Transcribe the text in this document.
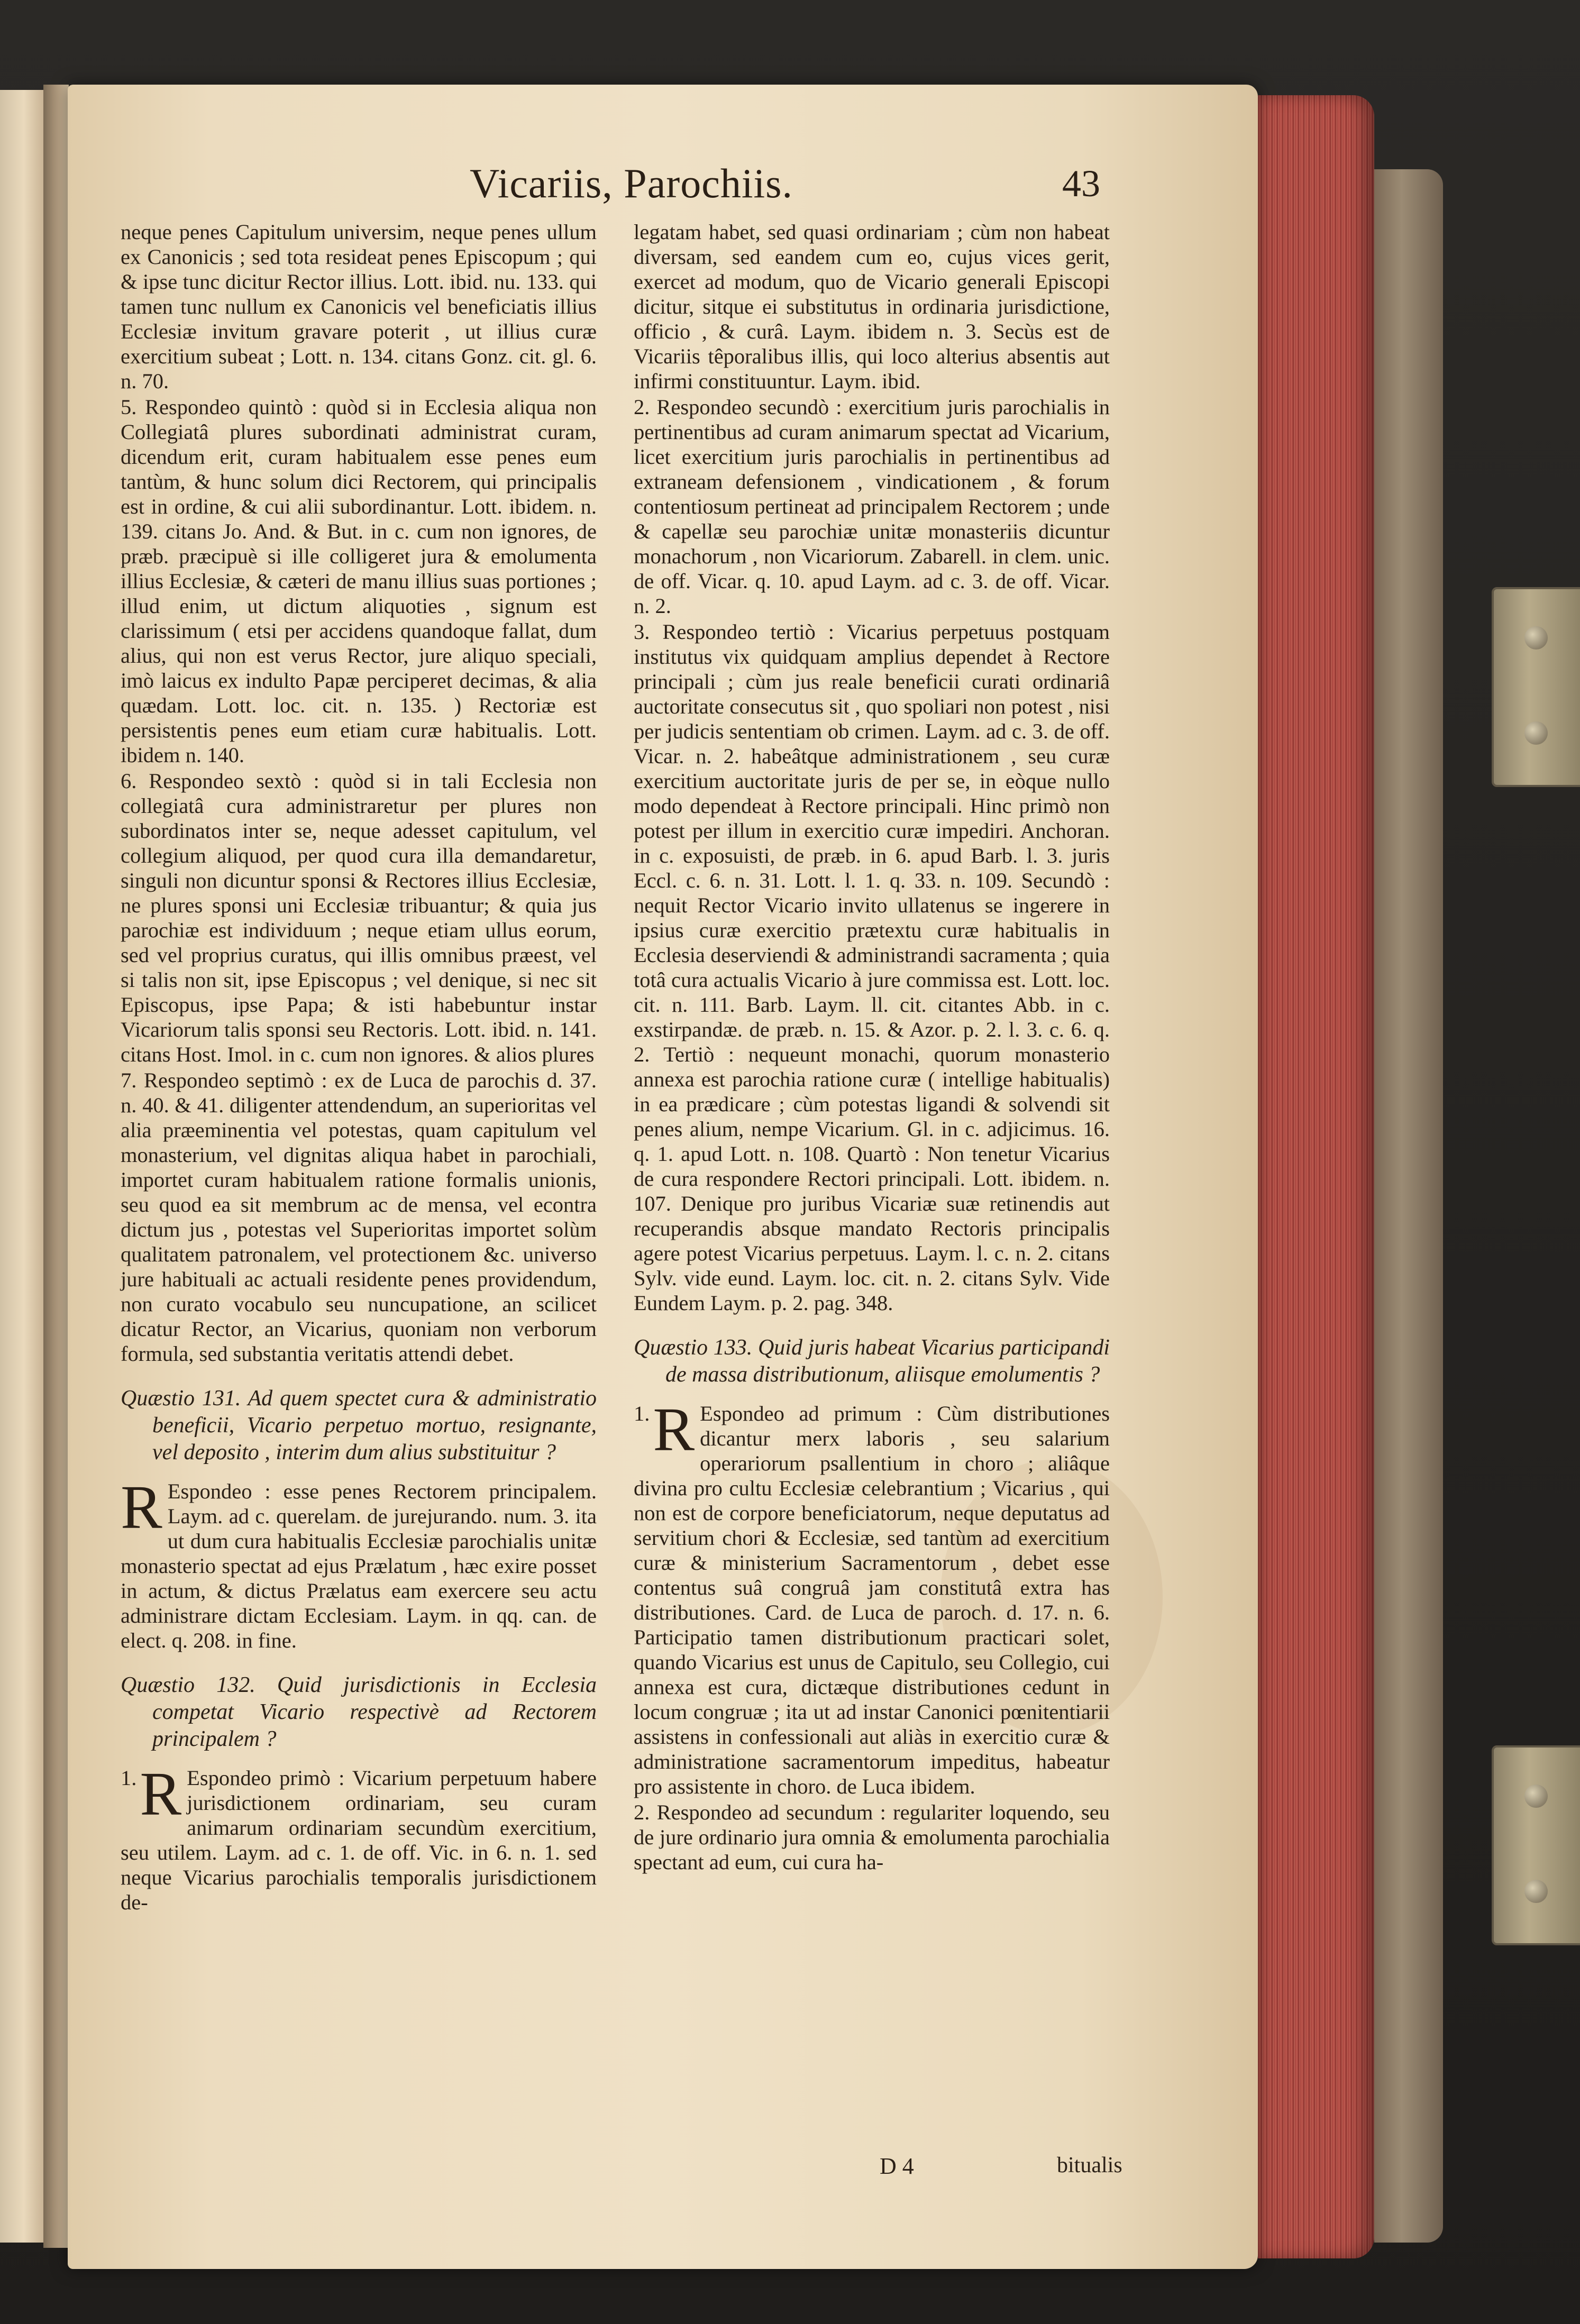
Vicariis, Parochiis.	43

neque penes Capitulum universim, neque penes ullum ex Canonicis ; sed tota resideat penes Episcopum ; qui & ipse tunc dicitur Rector illius. Lott. ibid. nu. 133. qui tamen tunc nullum ex Canonicis vel beneficiatis illius Ecclesiæ invitum gravare poterit , ut illius curæ exercitium subeat ; Lott. n. 134. citans Gonz. cit. gl. 6. n. 70.

5. Respondeo quintò : quòd si in Ecclesia aliqua non Collegiatâ plures subordinati administrat curam, dicendum erit, curam habitualem esse penes eum tantùm, & hunc solum dici Rectorem, qui principalis est in ordine, & cui alii subordinantur. Lott. ibidem. n. 139. citans Jo. And. & But. in c. cum non ignores, de præb. præcipuè si ille colligeret jura & emolumenta illius Ecclesiæ, & cæteri de manu illius suas portiones ; illud enim, ut dictum aliquoties , signum est clarissimum ( etsi per accidens quandoque fallat, dum alius, qui non est verus Rector, jure aliquo speciali, imò laicus ex indulto Papæ perciperet decimas, & alia quædam. Lott. loc. cit. n. 135. ) Rectoriæ est persistentis penes eum etiam curæ habitualis. Lott. ibidem n. 140.

6. Respondeo sextò : quòd si in tali Ecclesia non collegiatâ cura administraretur per plures non subordinatos inter se, neque adesset capitulum, vel collegium aliquod, per quod cura illa demandaretur, singuli non dicuntur sponsi & Rectores illius Ecclesiæ, ne plures sponsi uni Ecclesiæ tribuantur; & quia jus parochiæ est individuum ; neque etiam ullus eorum, sed vel proprius curatus, qui illis omnibus præest, vel si talis non sit, ipse Episcopus ; vel denique, si nec sit Episcopus, ipse Papa; & isti habebuntur instar Vicariorum talis sponsi seu Rectoris. Lott. ibid. n. 141. citans Host. Imol. in c. cum non ignores. & alios plures

7. Respondeo septimò : ex de Luca de parochis d. 37. n. 40. & 41. diligenter attendendum, an superioritas vel alia præeminentia vel potestas, quam capitulum vel monasterium, vel dignitas aliqua habet in parochiali, importet curam habitualem ratione formalis unionis, seu quod ea sit membrum ac de mensa, vel econtra dictum jus , potestas vel Superioritas importet solùm qualitatem patronalem, vel protectionem &c. universo jure habituali ac actuali residente penes providendum, non curato vocabulo seu nuncupatione, an scilicet dicatur Rector, an Vicarius, quoniam non verborum formula, sed substantia veritatis attendi debet.

Quæstio 131. Ad quem spectet cura & administratio beneficii, Vicario perpetuo mortuo, resignante, vel deposito , interim dum alius substituitur ?

R Espondeo : esse penes Rectorem principalem. Laym. ad c. querelam. de jurejurando. num. 3. ita ut dum cura habitualis Ecclesiæ parochialis unitæ monasterio spectat ad ejus Prælatum , hæc exire posset in actum, & dictus Prælatus eam exercere seu actu administrare dictam Ecclesiam. Laym. in qq. can. de elect. q. 208. in fine.

Quæstio 132. Quid jurisdictionis in Ecclesia competat Vicario respectivè ad Rectorem principalem ?

1. R Espondeo primò : Vicarium perpetuum habere jurisdictionem ordinariam, seu curam animarum ordinariam secundùm exercitium, seu utilem. Laym. ad c. 1. de off. Vic. in 6. n. 1. sed neque Vicarius parochialis temporalis jurisdictionem de-

legatam habet, sed quasi ordinariam ; cùm non habeat diversam, sed eandem cum eo, cujus vices gerit, exercet ad modum, quo de Vicario generali Episcopi dicitur, sitque ei substitutus in ordinaria jurisdictione, officio , & curâ. Laym. ibidem n. 3. Secùs est de Vicariis têporalibus illis, qui loco alterius absentis aut infirmi constituuntur. Laym. ibid.

2. Respondeo secundò : exercitium juris parochialis in pertinentibus ad curam animarum spectat ad Vicarium, licet exercitium juris parochialis in pertinentibus ad extraneam defensionem , vindicationem , & forum contentiosum pertineat ad principalem Rectorem ; unde & capellæ seu parochiæ unitæ monasteriis dicuntur monachorum , non Vicariorum. Zabarell. in clem. unic. de off. Vicar. q. 10. apud Laym. ad c. 3. de off. Vicar. n. 2.

3. Respondeo tertiò : Vicarius perpetuus postquam institutus vix quidquam amplius dependet à Rectore principali ; cùm jus reale beneficii curati ordinariâ auctoritate consecutus sit , quo spoliari non potest , nisi per judicis sententiam ob crimen. Laym. ad c. 3. de off. Vicar. n. 2. habeâtque administrationem , seu curæ exercitium auctoritate juris de per se, in eòque nullo modo dependeat à Rectore principali. Hinc primò non potest per illum in exercitio curæ impediri. Anchoran. in c. exposuisti, de præb. in 6. apud Barb. l. 3. juris Eccl. c. 6. n. 31. Lott. l. 1. q. 33. n. 109. Secundò : nequit Rector Vicario invito ullatenus se ingerere in ipsius curæ exercitio prætextu curæ habitualis in Ecclesia deserviendi & administrandi sacramenta ; quia totâ cura actualis Vicario à jure commissa est. Lott. loc. cit. n. 111. Barb. Laym. ll. cit. citantes Abb. in c. exstirpandæ. de præb. n. 15. & Azor. p. 2. l. 3. c. 6. q. 2. Tertiò : nequeunt monachi, quorum monasterio annexa est parochia ratione curæ ( intellige habitualis) in ea prædicare ; cùm potestas ligandi & solvendi sit penes alium, nempe Vicarium. Gl. in c. adjicimus. 16. q. 1. apud Lott. n. 108. Quartò : Non tenetur Vicarius de cura respondere Rectori principali. Lott. ibidem. n. 107. Denique pro juribus Vicariæ suæ retinendis aut recuperandis absque mandato Rectoris principalis agere potest Vicarius perpetuus. Laym. l. c. n. 2. citans Sylv. vide eund. Laym. loc. cit. n. 2. citans Sylv. Vide Eundem Laym. p. 2. pag. 348.

Quæstio 133. Quid juris habeat Vicarius participandi de massa distributionum, aliisque emolumentis ?

1. R Espondeo ad primum : Cùm distributiones dicantur merx laboris , seu salarium operariorum psallentium in choro ; aliâque divina pro cultu Ecclesiæ celebrantium ; Vicarius , qui non est de corpore beneficiatorum, neque deputatus ad servitium chori & Ecclesiæ, sed tantùm ad exercitium curæ & ministerium Sacramentorum , debet esse contentus suâ congruâ jam constitutâ extra has distributiones. Card. de Luca de paroch. d. 17. n. 6. Participatio tamen distributionum practicari solet, quando Vicarius est unus de Capitulo, seu Collegio, cui annexa est cura, dictæque distributiones cedunt in locum congruæ ; ita ut ad instar Canonici pœnitentiarii assistens in confessionali aut aliàs in exercitio curæ & administratione sacramentorum impeditus, habeatur pro assistente in choro. de Luca ibidem.

2. Respondeo ad secundum : regulariter loquendo, seu de jure ordinario jura omnia & emolumenta parochialia spectant ad eum, cui cura ha-

D 4	bitualis
